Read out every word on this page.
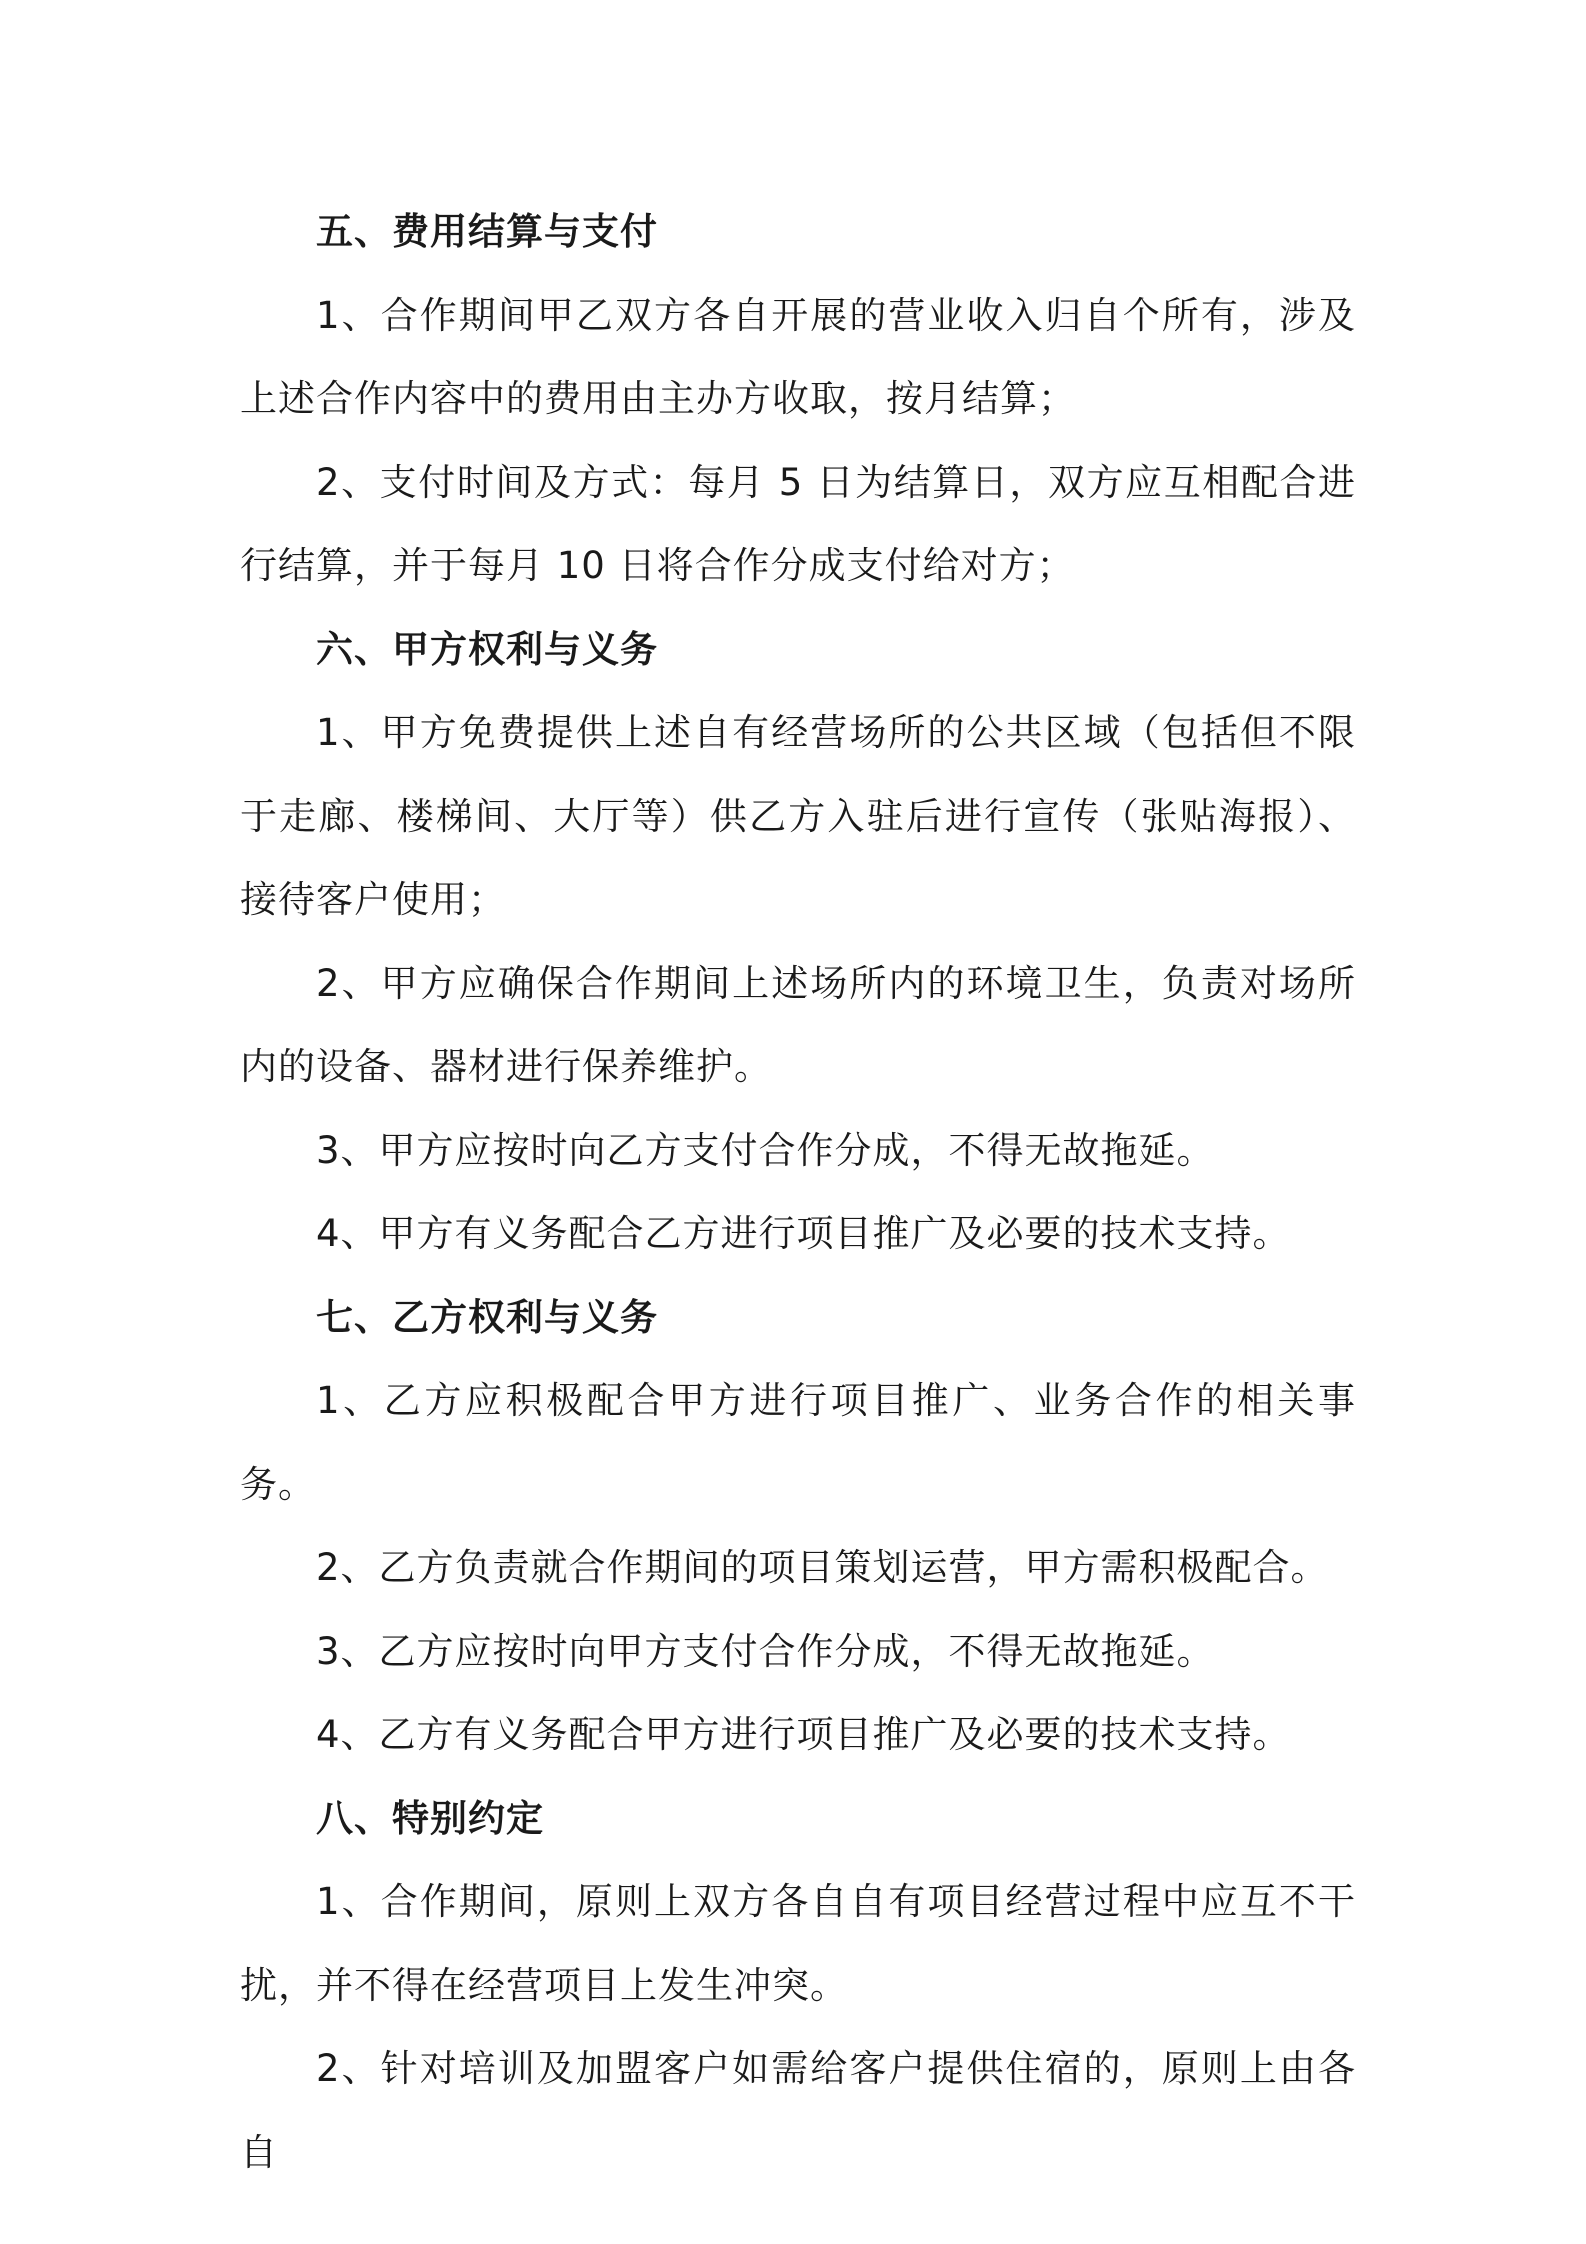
五、费用结算与支付

1、合作期间甲乙双方各自开展的营业收入归自个所有，涉及上述合作内容中的费用由主办方收取，按月结算；

2、支付时间及方式：每月 5 日为结算日，双方应互相配合进行结算，并于每月 10 日将合作分成支付给对方；

六、甲方权利与义务

1、甲方免费提供上述自有经营场所的公共区域（包括但不限于走廊、楼梯间、大厅等）供乙方入驻后进行宣传（张贴海报）、接待客户使用；

2、甲方应确保合作期间上述场所内的环境卫生，负责对场所内的设备、器材进行保养维护。

3、甲方应按时向乙方支付合作分成，不得无故拖延。

4、甲方有义务配合乙方进行项目推广及必要的技术支持。

七、乙方权利与义务

1、乙方应积极配合甲方进行项目推广、业务合作的相关事务。

2、乙方负责就合作期间的项目策划运营，甲方需积极配合。

3、乙方应按时向甲方支付合作分成，不得无故拖延。

4、乙方有义务配合甲方进行项目推广及必要的技术支持。

八、特别约定

1、合作期间，原则上双方各自自有项目经营过程中应互不干扰，并不得在经营项目上发生冲突。

2、针对培训及加盟客户如需给客户提供住宿的，原则上由各自
